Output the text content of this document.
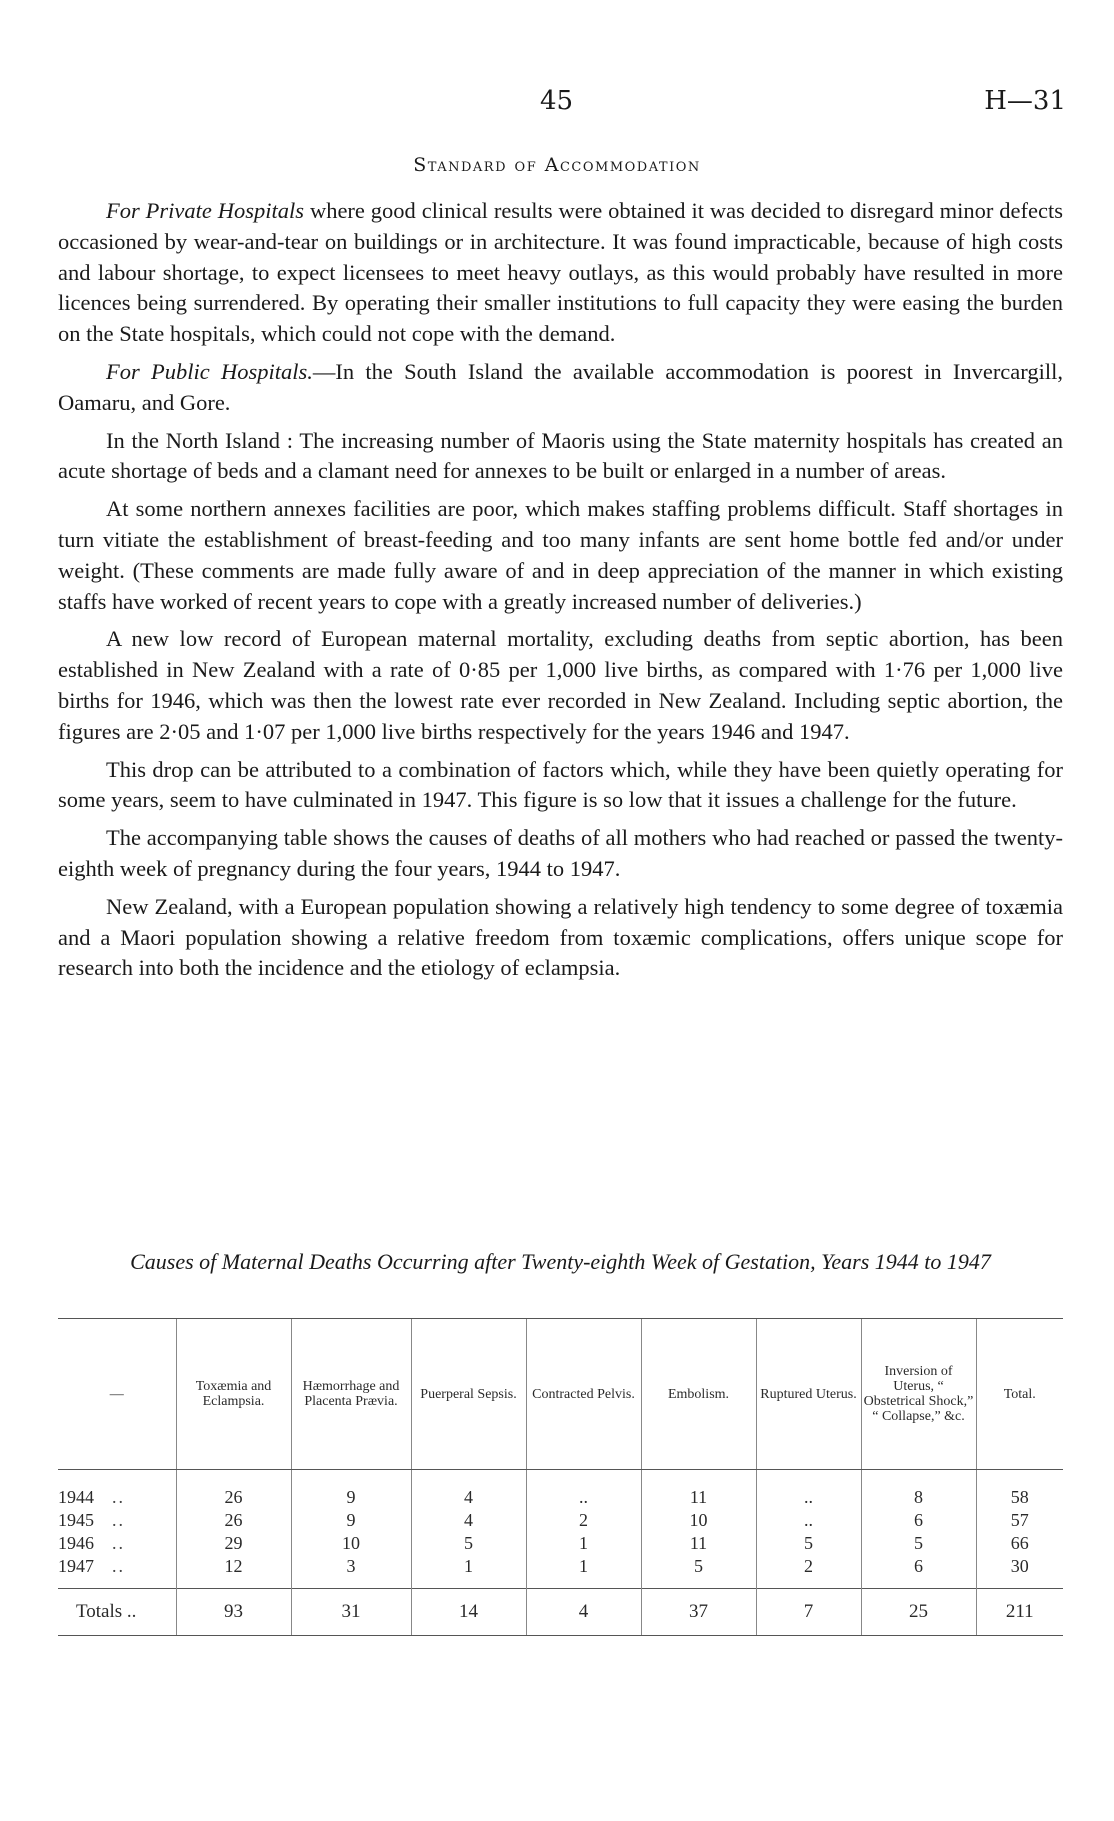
45	H—31
Standard of Accommodation

For Private Hospitals where good clinical results were obtained it was decided to disregard minor defects occasioned by wear-and-tear on buildings or in architecture. It was found impracticable, because of high costs and labour shortage, to expect licensees to meet heavy outlays, as this would probably have resulted in more licences being surrendered. By operating their smaller institutions to full capacity they were easing the burden on the State hospitals, which could not cope with the demand.

For Public Hospitals.—In the South Island the available accommodation is poorest in Invercargill, Oamaru, and Gore.

In the North Island : The increasing number of Maoris using the State maternity hospitals has created an acute shortage of beds and a clamant need for annexes to be built or enlarged in a number of areas.

At some northern annexes facilities are poor, which makes staffing problems difficult. Staff shortages in turn vitiate the establishment of breast-feeding and too many infants are sent home bottle fed and/or under weight. (These comments are made fully aware of and in deep appreciation of the manner in which existing staffs have worked of recent years to cope with a greatly increased number of deliveries.)

A new low record of European maternal mortality, excluding deaths from septic abortion, has been established in New Zealand with a rate of 0·85 per 1,000 live births, as compared with 1·76 per 1,000 live births for 1946, which was then the lowest rate ever recorded in New Zealand. Including septic abortion, the figures are 2·05 and 1·07 per 1,000 live births respectively for the years 1946 and 1947.

This drop can be attributed to a combination of factors which, while they have been quietly operating for some years, seem to have culminated in 1947. This figure is so low that it issues a challenge for the future.

The accompanying table shows the causes of deaths of all mothers who had reached or passed the twenty-eighth week of pregnancy during the four years, 1944 to 1947.

New Zealand, with a European population showing a relatively high tendency to some degree of toxæmia and a Maori population showing a relative freedom from toxæmic complications, offers unique scope for research into both the incidence and the etiology of eclampsia.

Causes of Maternal Deaths Occurring after Twenty-eighth Week of Gestation, Years 1944 to 1947
—	Toxæmia and Eclampsia.	Hæmorrhage and Placenta Prævia.	Puerperal Sepsis.	Contracted Pelvis.	Embolism.	Ruptured Uterus.	Inversion of Uterus, “ Obstetrical Shock,” “ Collapse,” &c.	Total.
1944 ..	26	9	4	..	11	..	8	58
1945 ..	26	9	4	2	10	..	6	57
1946 ..	29	10	5	1	11	5	5	66
1947 ..	12	3	1	1	5	2	6	30
Totals ..	93	31	14	4	37	7	25	211
